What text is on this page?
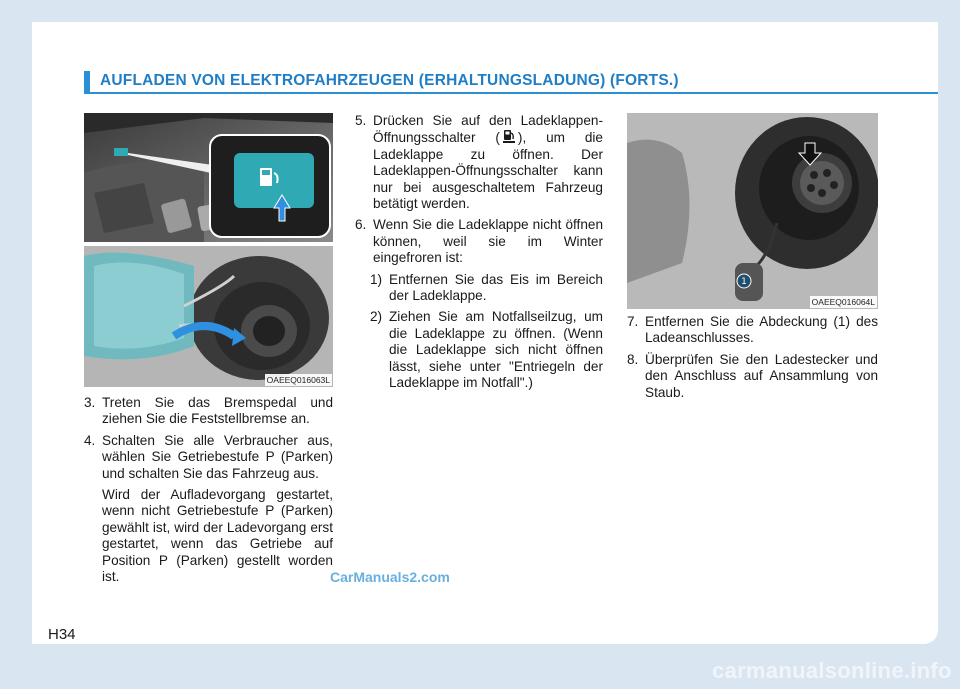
AUFLADEN VON ELEKTROFAHRZEUGEN (ERHALTUNGSLADUNG) (FORTS.)
OAEEQ016063L
1
OAEEQ016064L
3. Treten Sie das Bremspedal und ziehen Sie die Feststellbremse an.
4. Schalten Sie alle Verbraucher aus, wählen Sie Getriebestufe P (Parken) und schalten Sie das Fahrzeug aus.
Wird der Aufladevorgang gestartet, wenn nicht Getriebestufe P (Parken) gewählt ist, wird der Ladevorgang erst gestartet, wenn das Getriebe auf Position P (Parken) gestellt worden ist.
5. Drücken Sie auf den Ladeklappen-Öffnungsschalter ( ), um die Ladeklappe zu öffnen. Der Ladeklappen-Öffnungsschalter kann nur bei ausgeschaltetem Fahrzeug betätigt werden.
6. Wenn Sie die Ladeklappe nicht öffnen können, weil sie im Winter eingefroren ist:
1) Entfernen Sie das Eis im Bereich der Ladeklappe.
2) Ziehen Sie am Notfallseilzug, um die Ladeklappe zu öffnen. (Wenn die Ladeklappe sich nicht öffnen lässt, siehe unter "Entriegeln der Ladeklappe im Notfall".)
7. Entfernen Sie die Abdeckung (1) des Ladeanschlusses.
8. Überprüfen Sie den Ladestecker und den Anschluss auf Ansammlung von Staub.
H34
CarManuals2.com
carmanualsonline.info
